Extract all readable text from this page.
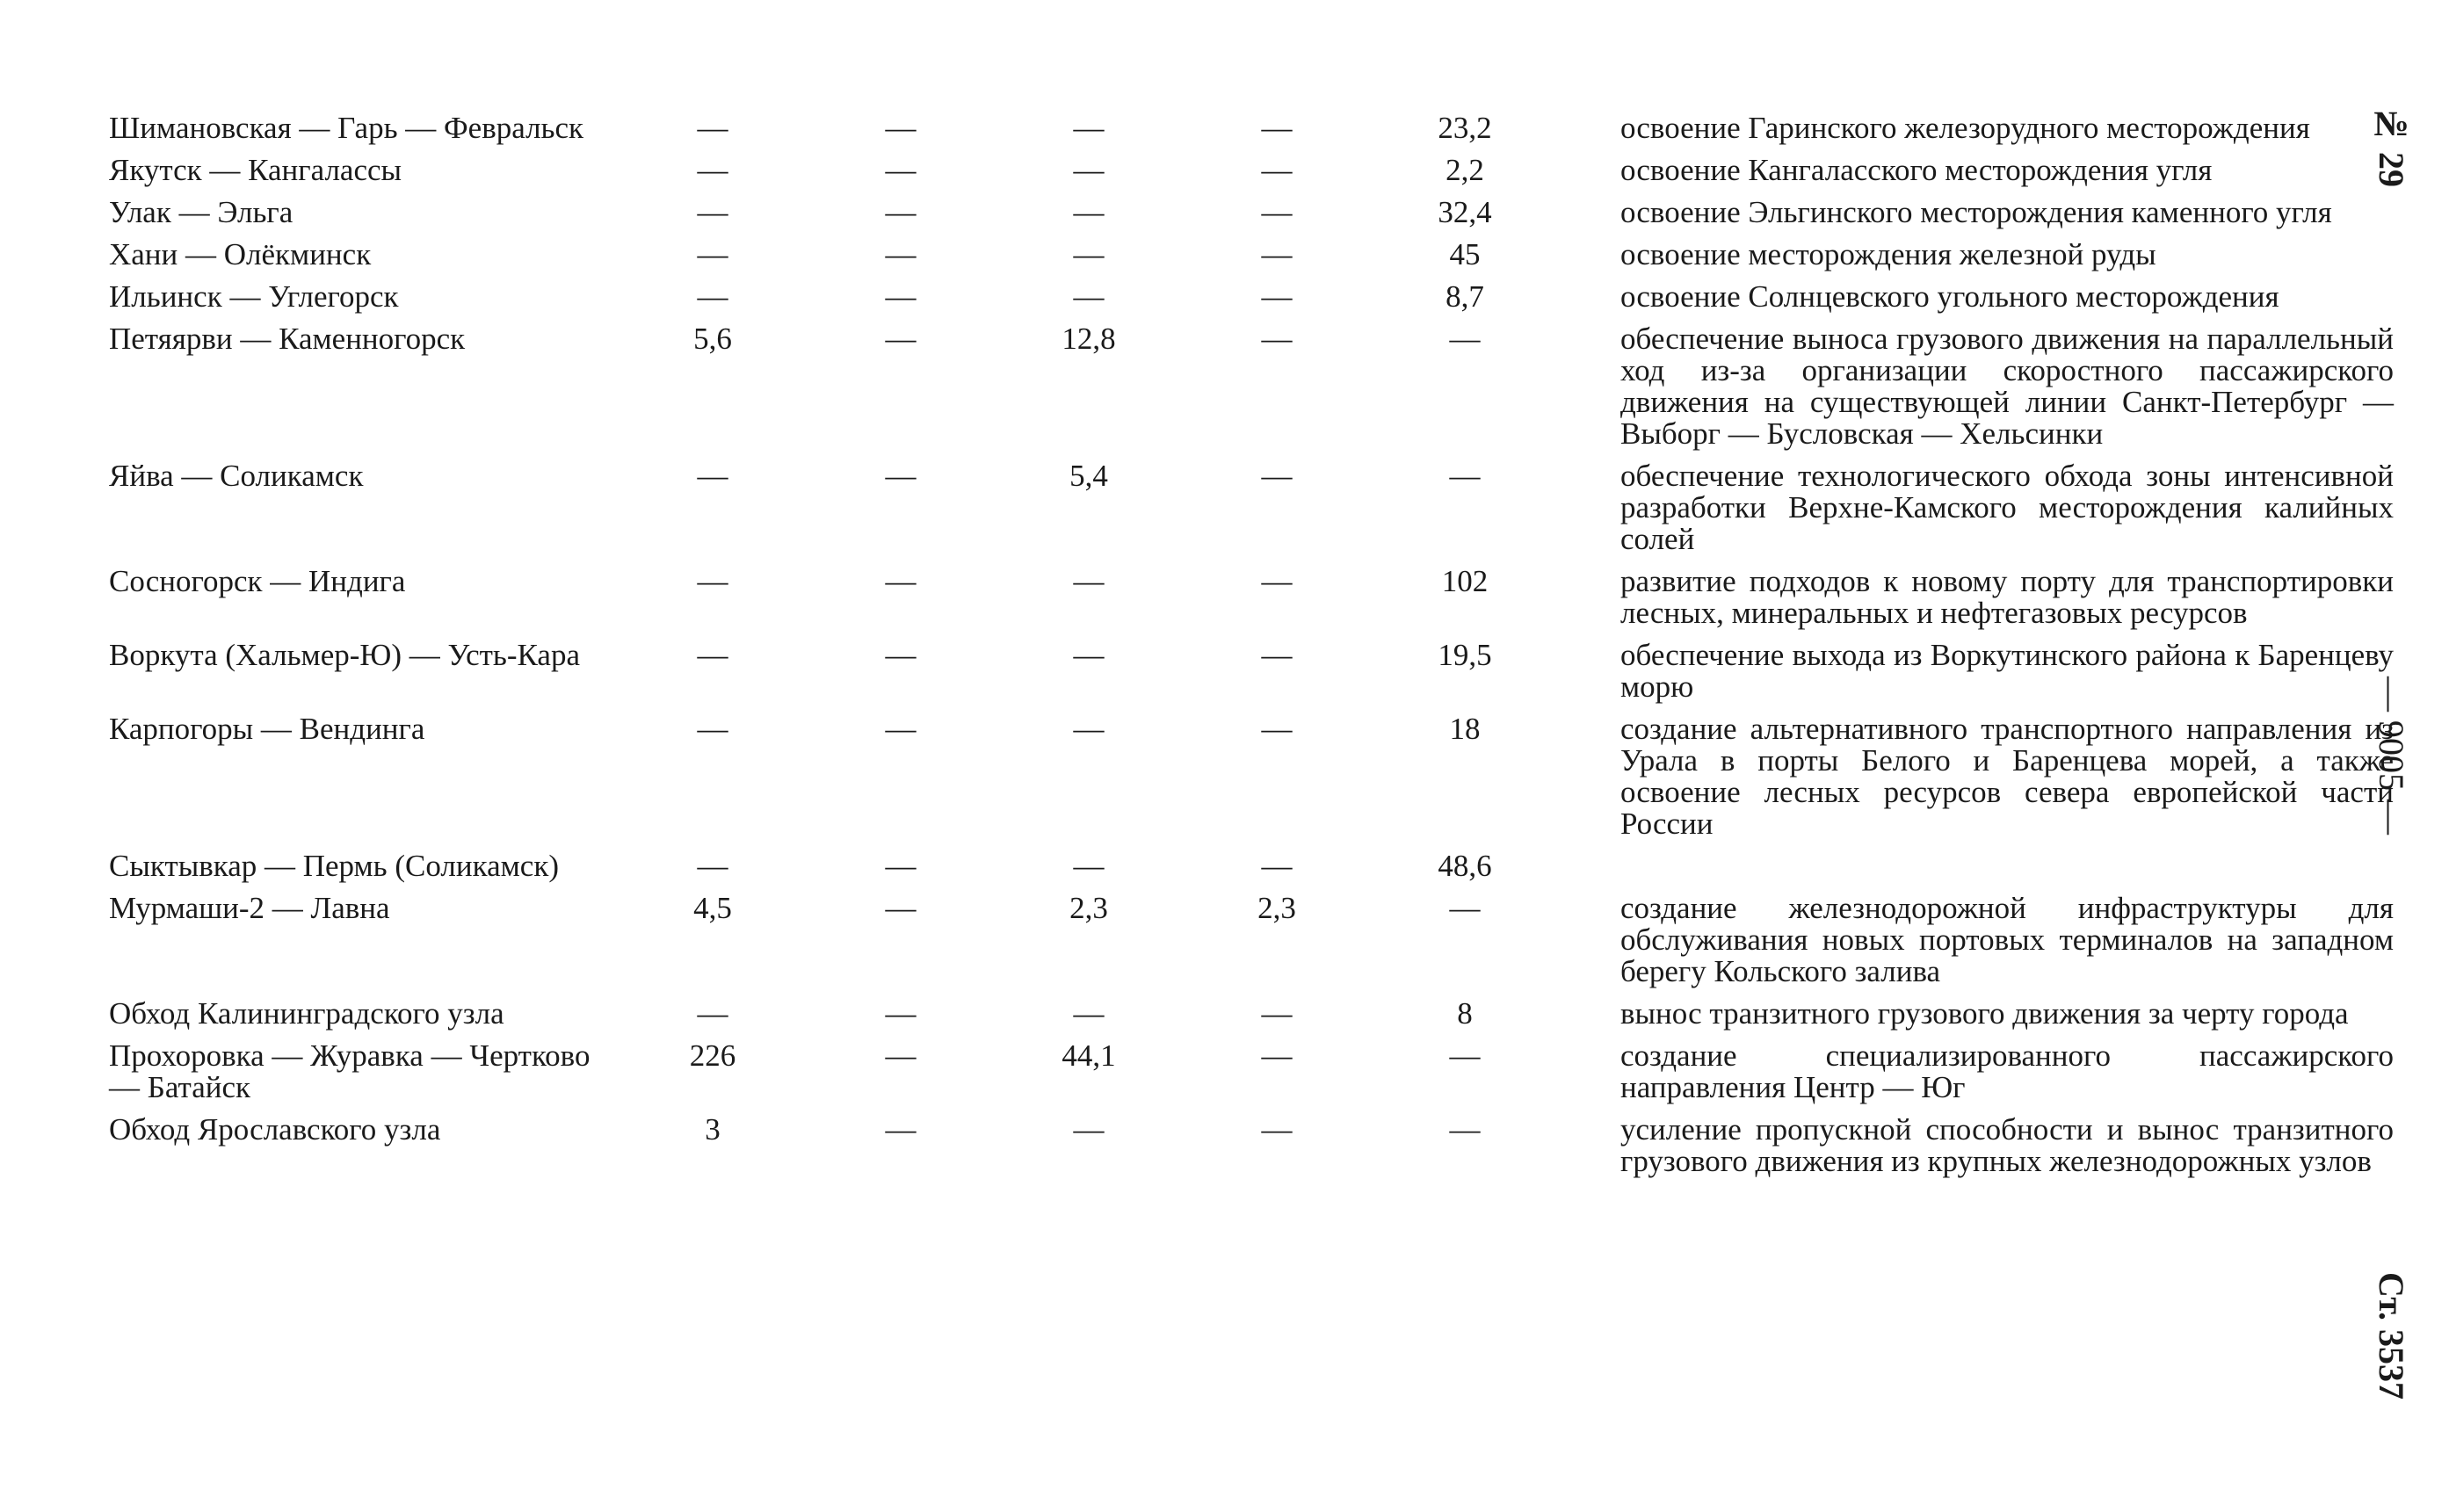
Шимановская — Гарь — Февральск	—	—	—	—	23,2		освоение Гаринского железорудного месторождения
Якутск — Кангалассы	—	—	—	—	2,2		освоение Кангаласского месторождения угля
Улак — Эльга	—	—	—	—	32,4		освоение Эльгинского месторождения каменного угля
Хани — Олёкминск	—	—	—	—	45		освоение месторождения железной руды
Ильинск — Углегорск	—	—	—	—	8,7		освоение Солнцевского угольного месторождения
Петяярви — Каменногорск	5,6	—	12,8	—	—		обеспечение выноса грузового движения на параллельный ход из-за организации скоростного пассажирского движения на существующей линии Санкт-Петербург — Выборг — Бусловская — Хельсинки
Яйва — Соликамск	—	—	5,4	—	—		обеспечение технологического обхода зоны интенсивной разработки Верхне-Камского месторождения калийных солей
Сосногорск — Индига	—	—	—	—	102		развитие подходов к новому порту для транспортировки лесных, минеральных и нефтегазовых ресурсов
Воркута (Хальмер-Ю) — Усть-Кара	—	—	—	—	19,5		обеспечение выхода из Воркутинского района к Баренцеву морю
Карпогоры — Вендинга	—	—	—	—	18		создание альтернативного транспортного направления из Урала в порты Белого и Баренцева морей, а также освоение лесных ресурсов севера европейской части России
Сыктывкар — Пермь (Соликамск)	—	—	—	—	48,6		
Мурмаши-2 — Лавна	4,5	—	2,3	2,3	—		создание железнодорожной инфраструктуры для обслуживания новых портовых терминалов на западном берегу Кольского залива
Обход Калининградского узла	—	—	—	—	8		вынос транзитного грузового движения за черту города
Прохоровка — Журавка — Чертково — Батайск	226	—	44,1	—	—		создание специализированного пассажирского направления Центр — Юг
Обход Ярославского узла	3	—	—	—	—		усиление пропускной способности и вынос транзитного грузового движения из крупных железнодорожных узлов
№ 29
— 9005 —
Ст. 3537
